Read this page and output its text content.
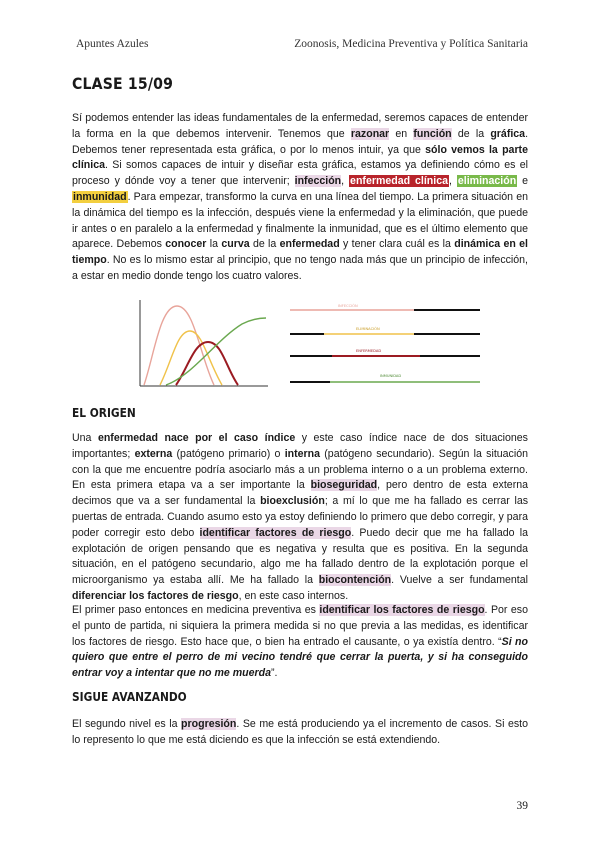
Apuntes Azules	Zoonosis, Medicina Preventiva y Política Sanitaria
CLASE 15/09

Sí podemos entender las ideas fundamentales de la enfermedad, seremos capaces de entender la forma en la que debemos intervenir. Tenemos que razonar en función de la gráfica. Debemos tener representada esta gráfica, o por lo menos intuir, ya que sólo vemos la parte clínica. Si somos capaces de intuir y diseñar esta gráfica, estamos ya definiendo cómo es el proceso y dónde voy a tener que intervenir; infección, enfermedad clínica, eliminación e inmunidad. Para empezar, transformo la curva en una línea del tiempo. La primera situación en la dinámica del tiempo es la infección, después viene la enfermedad y la eliminación, que puede ir antes o en paralelo a la enfermedad y finalmente la inmunidad, que es el último elemento que aparece. Debemos conocer la curva de la enfermedad y tener clara cuál es la dinámica en el tiempo. No es lo mismo estar al principio, que no tengo nada más que un principio de infección, a estar en medio donde tengo los cuatro valores.

INFECCIÓN
ELIMINACIÓN
ENFERMEDAD
INMUNIDAD
EL ORIGEN

Una enfermedad nace por el caso índice y este caso índice nace de dos situaciones importantes; externa (patógeno primario) o interna (patógeno secundario). Según la situación con la que me encuentre podría asociarlo más a un problema interno o a un problema externo. En esta primera etapa va a ser importante la bioseguridad, pero dentro de esta externa decimos que va a ser fundamental la bioexclusión; a mí lo que me ha fallado es cerrar las puertas de entrada. Cuando asumo esto ya estoy definiendo lo primero que debo corregir, y para poder corregir esto debo identificar factores de riesgo. Puedo decir que me ha fallado la explotación de origen pensando que es negativa y resulta que es positiva. En la segunda situación, en el patógeno secundario, algo me ha fallado dentro de la explotación porque el microorganismo ya estaba allí. Me ha fallado la biocontención. Vuelve a ser fundamental diferenciar los factores de riesgo, en este caso internos.

El primer paso entonces en medicina preventiva es identificar los factores de riesgo. Por eso el punto de partida, ni siquiera la primera medida si no que previa a las medidas, es identificar los factores de riesgo. Esto hace que, o bien ha entrado el causante, o ya existía dentro. “Si no quiero que entre el perro de mi vecino tendré que cerrar la puerta, y si ha conseguido entrar voy a intentar que no me muerda”.

SIGUE AVANZANDO

El segundo nivel es la progresión. Se me está produciendo ya el incremento de casos. Si esto lo represento lo que me está diciendo es que la infección se está extendiendo.

39
